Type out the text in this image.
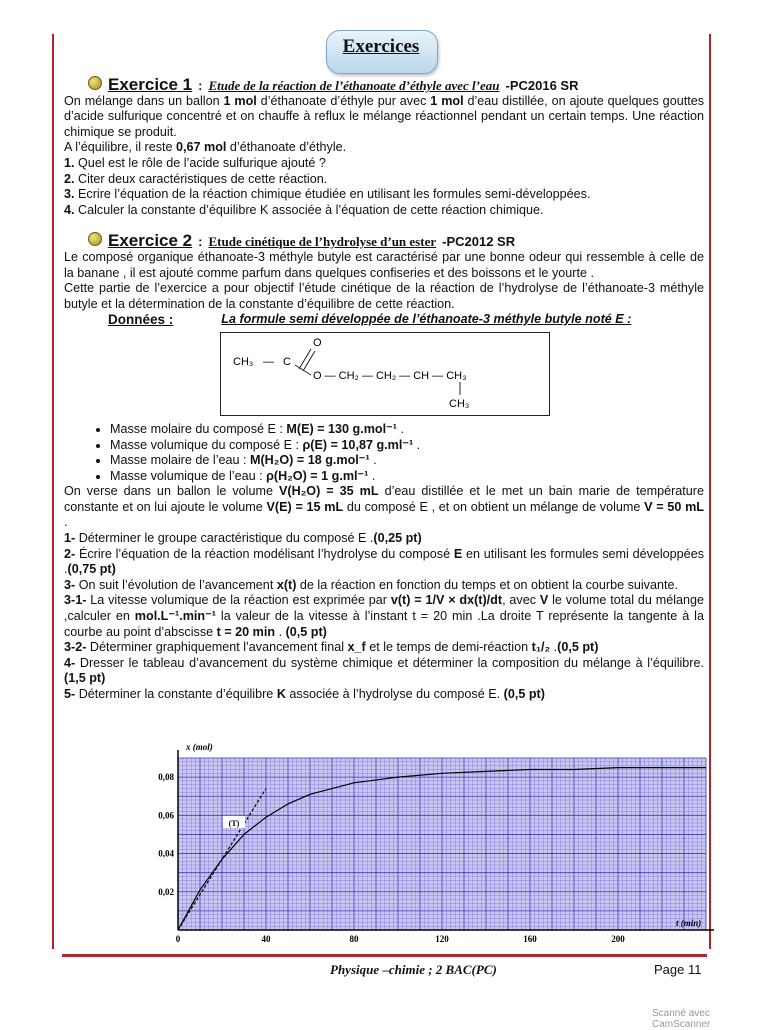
Exercices
Exercice 1 : Etude de la réaction de l’éthanoate d’éthyle avec l’eau -PC2016 SR

On mélange dans un ballon 1 mol d’éthanoate d’éthyle pur avec 1 mol d’eau distillée, on ajoute quelques gouttes d’acide sulfurique concentré et on chauffe à reflux le mélange réactionnel pendant un certain temps. Une réaction chimique se produit.

A l’équilibre, il reste 0,67 mol d’éthanoate d’éthyle.

1. Quel est le rôle de l’acide sulfurique ajouté ?

2. Citer deux caractéristiques de cette réaction.

3. Ecrire l’équation de la réaction chimique étudiée en utilisant les formules semi-développées.

4. Calculer la constante d’équilibre K associée à l’équation de cette réaction chimique.

Exercice 2 : Etude cinétique de l’hydrolyse d’un ester -PC2012 SR

Le composé organique éthanoate-3 méthyle butyle est caractérisé par une bonne odeur qui ressemble à celle de la banane , il est ajouté comme parfum dans quelques confiseries et des boissons et le yourte .

Cette partie de l’exercice a pour objectif l’étude cinétique de la réaction de l’hydrolyse de l’éthanoate-3 méthyle butyle et la détermination de la constante d’équilibre de cette réaction.

Données :	La formule semi développée de l’éthanoate-3 méthyle butyle noté E :
O
CH₃ — C
O — CH₂ — CH₂ — CH — CH₃
CH₃
• Masse molaire du composé E : M(E) = 130 g.mol⁻¹ .
• Masse volumique du composé E : ρ(E) = 10,87 g.ml⁻¹ .
• Masse molaire de l’eau : M(H₂O) = 18 g.mol⁻¹ .
• Masse volumique de l’eau : ρ(H₂O) = 1 g.ml⁻¹ .

On verse dans un ballon le volume V(H₂O) = 35 mL d’eau distillée et le met un bain marie de température constante et on lui ajoute le volume V(E) = 15 mL du composé E , et on obtient un mélange de volume V = 50 mL .

1- Déterminer le groupe caractéristique du composé E .(0,25 pt)

2- Écrire l’équation de la réaction modélisant l’hydrolyse du composé E en utilisant les formules semi développées .(0,75 pt)

3- On suit l’évolution de l’avancement x(t) de la réaction en fonction du temps et on obtient la courbe suivante.

3-1- La vitesse volumique de la réaction est exprimée par v(t) = 1/V × dx(t)/dt, avec V le volume total du mélange ,calculer en mol.L⁻¹.min⁻¹ la valeur de la vitesse à l’instant t = 20 min .La droite T représente la tangente à la courbe au point d’abscisse t = 20 min . (0,5 pt)

3-2- Déterminer graphiquement l’avancement final x_f et le temps de demi-réaction t₁/₂ .(0,5 pt)

4- Dresser le tableau d’avancement du système chimique et déterminer la composition du mélange à l’équilibre. (1,5 pt)

5- Déterminer la constante d’équilibre K associée à l’hydrolyse du composé E. (0,5 pt)

0	40	80	120	160	200
0,02
0,04
0,06
0,08
x (mol)
t (min)
(T)
Physique –chimie ; 2 BAC(PC)	Page 11
Scanné avec CamScanner
